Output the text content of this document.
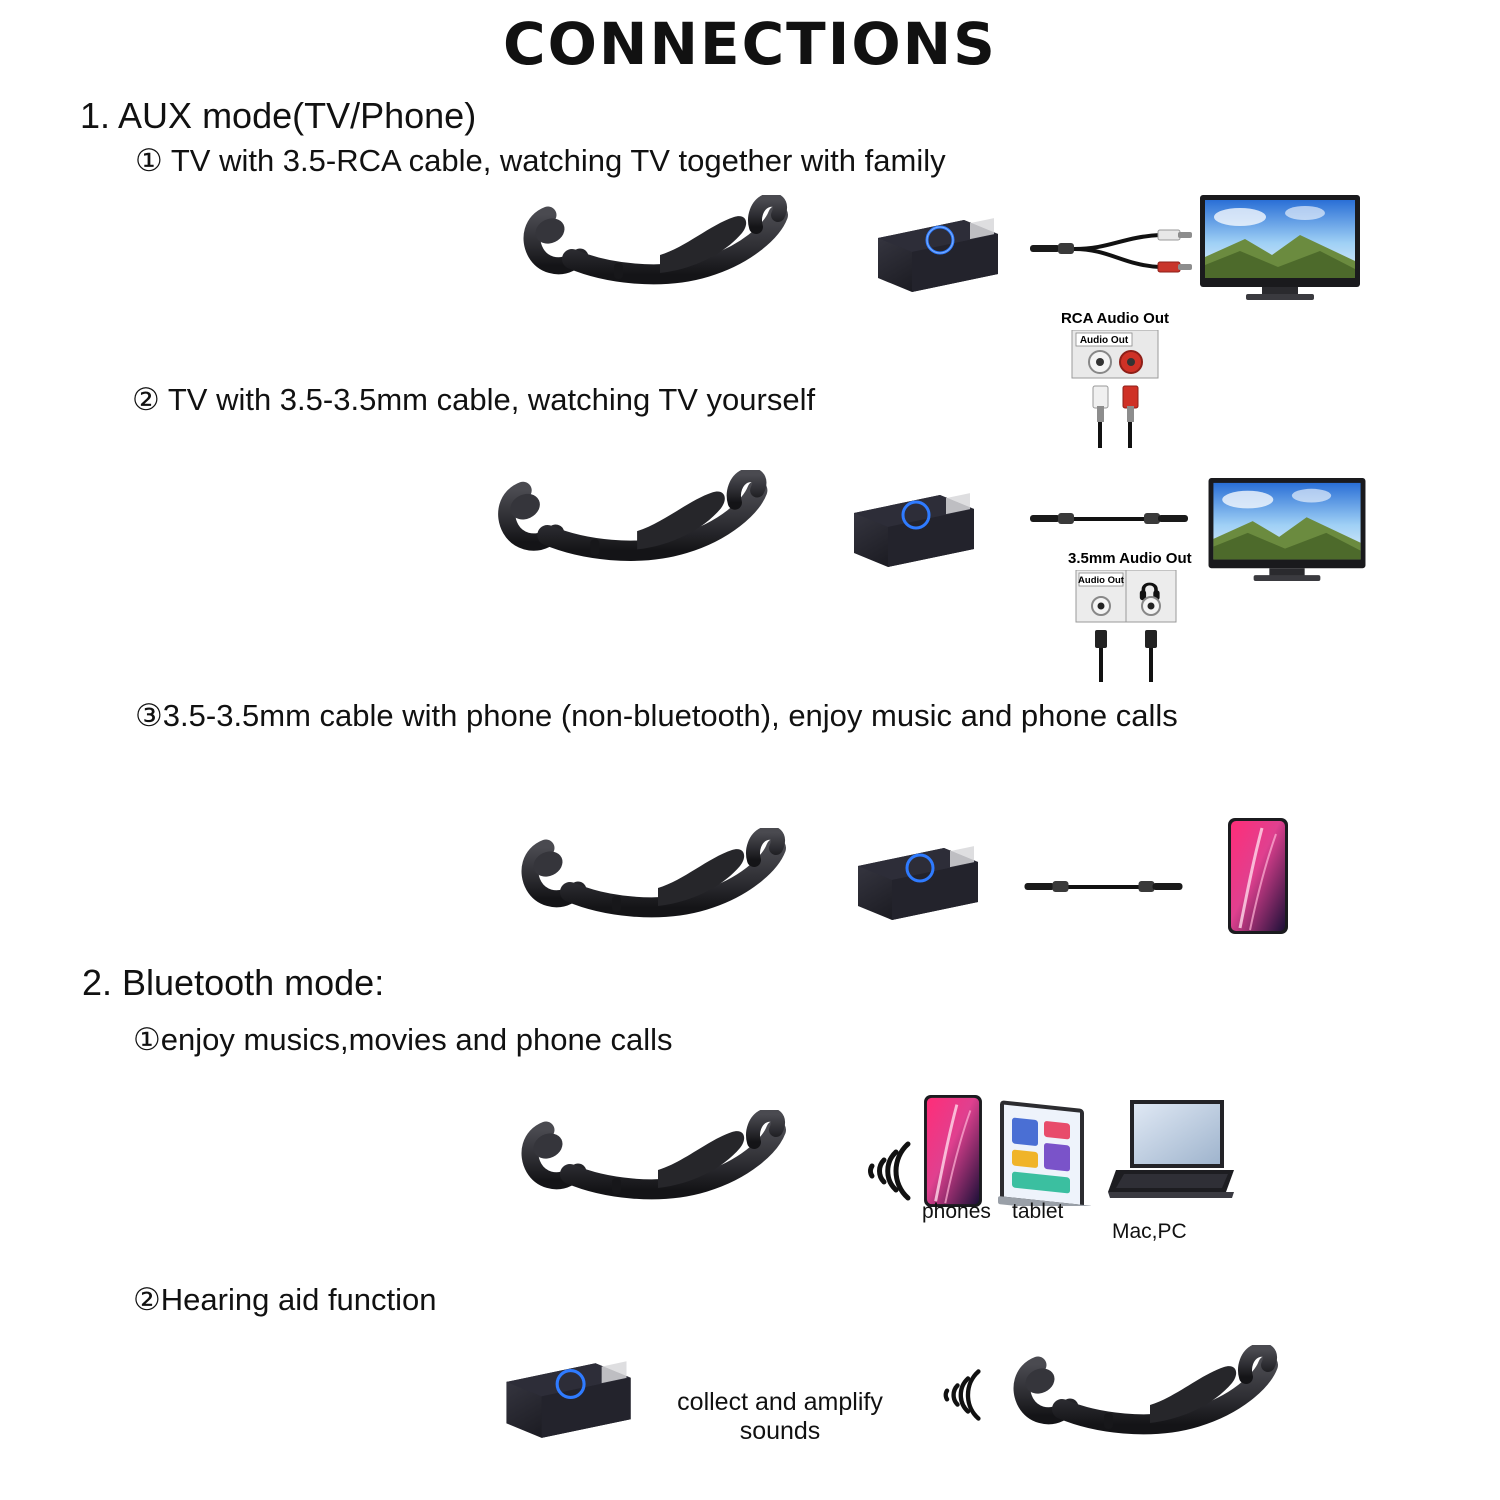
CONNECTIONS
1. AUX mode(TV/Phone)
① TV with 3.5-RCA cable, watching TV together with family
RCA Audio Out
Audio Out
② TV with 3.5-3.5mm cable, watching TV yourself
3.5mm Audio Out
Audio Out
③3.5-3.5mm cable with phone (non-bluetooth), enjoy music and phone calls
2. Bluetooth mode:
①enjoy musics,movies and phone calls
phones tablet
Mac,PC
②Hearing aid function
collect and amplify
sounds
